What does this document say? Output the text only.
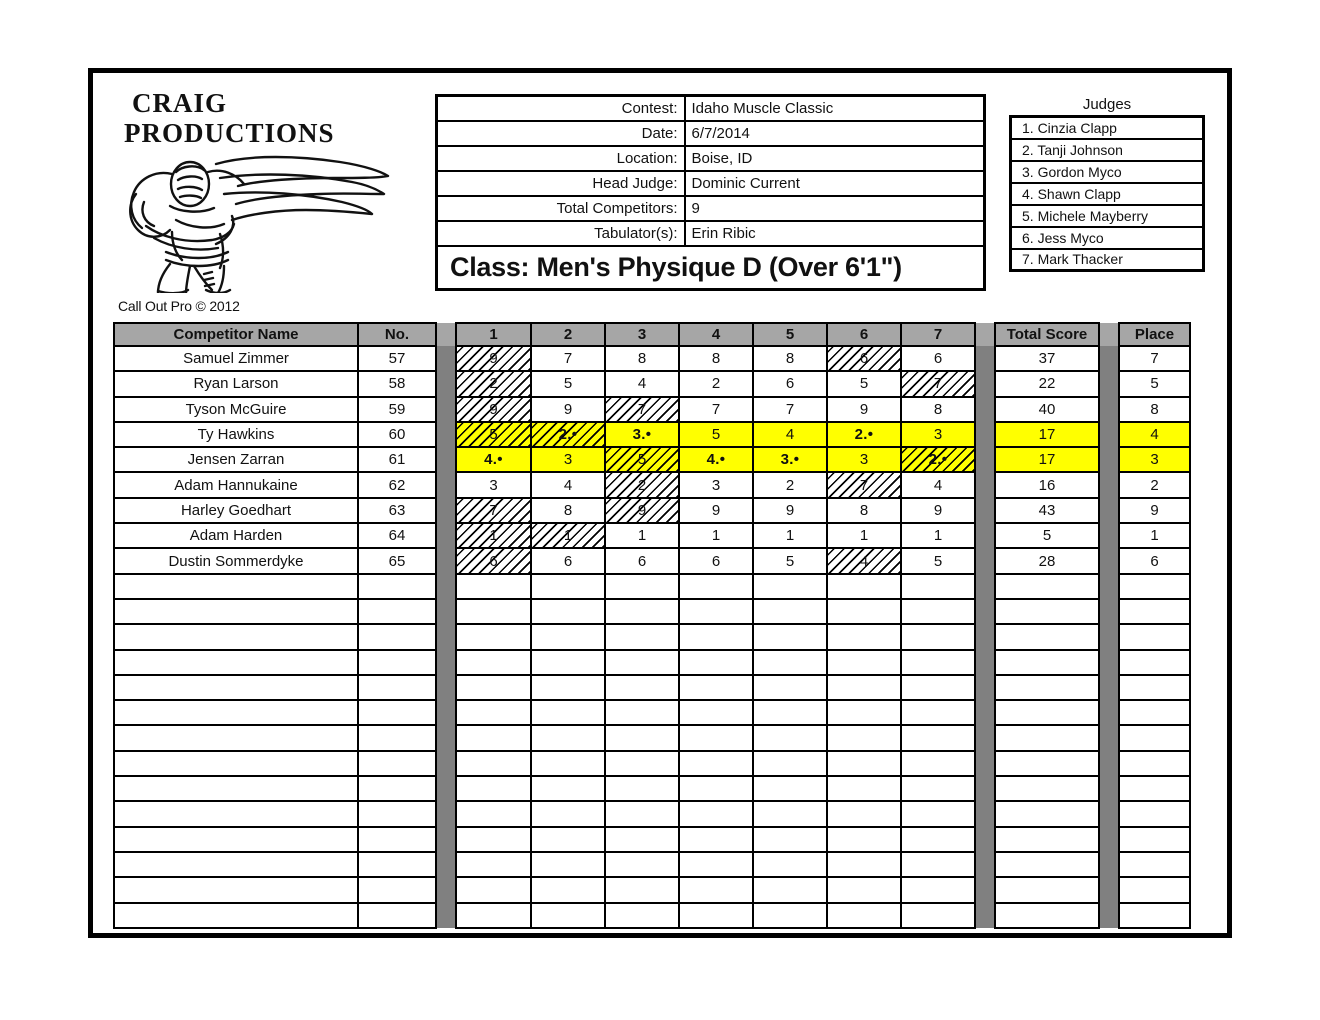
CRAIG
PRODUCTIONS
Call Out Pro © 2012
Contest:	Idaho Muscle Classic
Date:	6/7/2014
Location:	Boise, ID
Head Judge:	Dominic Current
Total Competitors:	9
Tabulator(s):	Erin Ribic
Class: Men's Physique D (Over 6'1")	
Judges
1. Cinzia Clapp
2. Tanji Johnson
3. Gordon Myco
4. Shawn Clapp
5. Michele Mayberry
6. Jess Myco
7. Mark Thacker
Competitor Name	No.		1	2	3	4	5	6	7		Total Score		Place
Samuel Zimmer	57		9	7	8	8	8	6	6		37		7
Ryan Larson	58		2	5	4	2	6	5	7		22		5
Tyson McGuire	59		9	9	7	7	7	9	8		40		8
Ty Hawkins	60		5	2.•	3.•	5	4	2.•	3		17		4
Jensen Zarran	61		4.•	3	5	4.•	3.•	3	2.•		17		3
Adam Hannukaine	62		3	4	2	3	2	7	4		16		2
Harley Goedhart	63		7	8	9	9	9	8	9		43		9
Adam Harden	64		1	1	1	1	1	1	1		5		1
Dustin Sommerdyke	65		6	6	6	6	5	4	5		28		6
